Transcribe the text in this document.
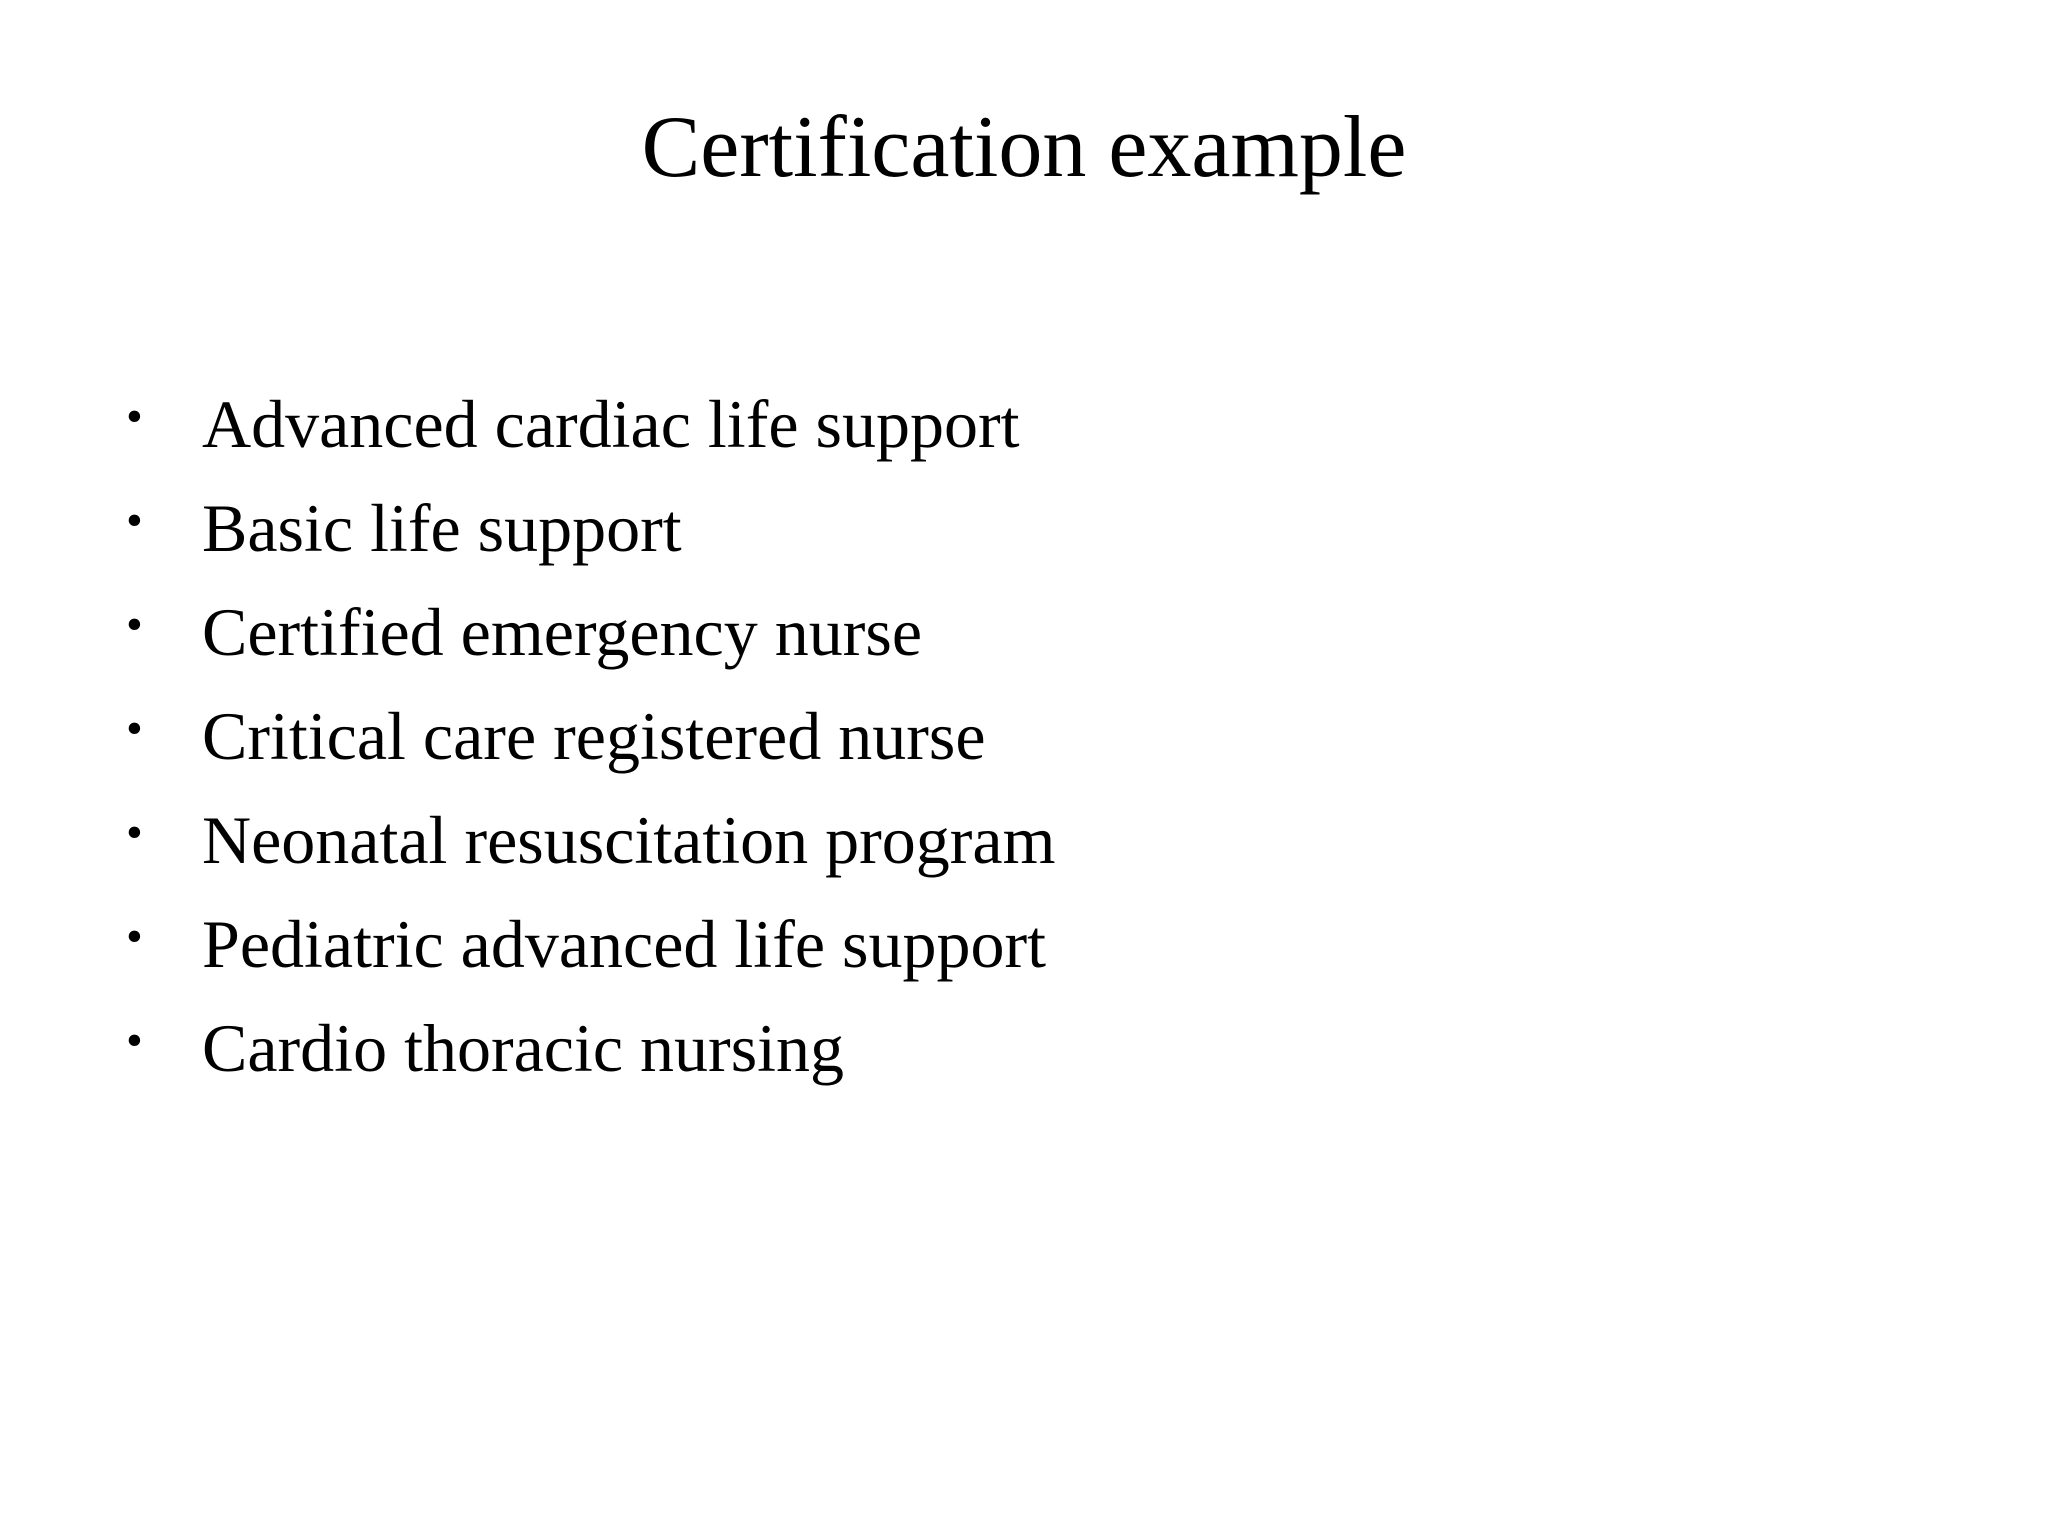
Certification example
• Advanced cardiac life support
• Basic life support
• Certified emergency nurse
• Critical care registered nurse
• Neonatal resuscitation program
• Pediatric advanced life support
• Cardio thoracic nursing
